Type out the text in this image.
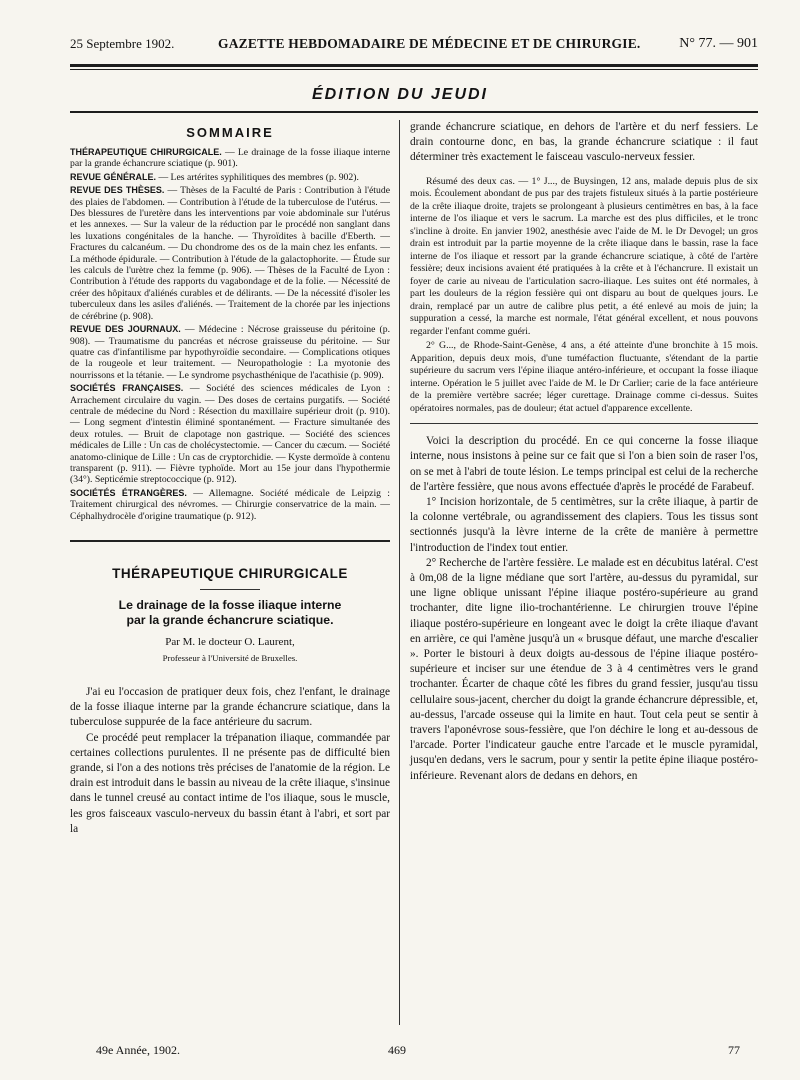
25 Septembre 1902.	GAZETTE HEBDOMADAIRE DE MÉDECINE ET DE CHIRURGIE.	N° 77. — 901
ÉDITION DU JEUDI
SOMMAIRE
THÉRAPEUTIQUE CHIRURGICALE. — Le drainage de la fosse iliaque interne par la grande échancrure sciatique (p. 901).
REVUE GÉNÉRALE. — Les artérites syphilitiques des membres (p. 902).
REVUE DES THÈSES. — Thèses de la Faculté de Paris : Contribution à l'étude des plaies de l'abdomen. — Contribution à l'étude de la tuberculose de l'utérus. — Des blessures de l'uretère dans les interventions par voie abdominale sur l'utérus et les annexes. — Sur la valeur de la réduction par le procédé non sanglant dans les luxations congénitales de la hanche. — Thyroïdites à bacille d'Eberth. — Fractures du calcanéum. — Du chondrome des os de la main chez les enfants. — La méthode épidurale. — Contribution à l'étude de la galactophorite. — Étude sur les calculs de l'urètre chez la femme (p. 906). — Thèses de la Faculté de Lyon : Contribution à l'étude des rapports du vagabondage et de la folie. — Nécessité de créer des hôpitaux d'aliénés curables et de délirants. — De la nécessité d'isoler les tuberculeux dans les asiles d'aliénés. — Traitement de la chorée par les injections de cérébrine (p. 908).
REVUE DES JOURNAUX. — Médecine : Nécrose graisseuse du péritoine (p. 908). — Traumatisme du pancréas et nécrose graisseuse du péritoine. — Sur quatre cas d'infantilisme par hypothyroïdie secondaire. — Complications otiques de la rougeole et leur traitement. — Neuropathologie : La myotonie des nourrissons et la tétanie. — Le syndrome psychasthénique de l'acathisie (p. 909).
SOCIÉTÉS FRANÇAISES. — Société des sciences médicales de Lyon : Arrachement circulaire du vagin. — Des doses de certains purgatifs. — Société centrale de médecine du Nord : Résection du maxillaire supérieur droit (p. 910). — Long segment d'intestin éliminé spontanément. — Fracture simultanée des deux rotules. — Bruit de clapotage non gastrique. — Société des sciences médicales de Lille : Un cas de cholécystectomie. — Cancer du cæcum. — Société anatomo-clinique de Lille : Un cas de cryptorchidie. — Kyste dermoïde à contenu transparent (p. 911). — Fièvre typhoïde. Mort au 15e jour dans l'hypothermie (34°). Septicémie streptococcique (p. 912).
SOCIÉTÉS ÉTRANGÈRES. — Allemagne. Société médicale de Leipzig : Traitement chirurgical des névromes. — Chirurgie conservatrice de la main. — Céphalhydrocèle d'origine traumatique (p. 912).
THÉRAPEUTIQUE CHIRURGICALE
Le drainage de la fosse iliaque interne
par la grande échancrure sciatique.
Par M. le docteur O. Laurent,
Professeur à l'Université de Bruxelles.

J'ai eu l'occasion de pratiquer deux fois, chez l'enfant, le drainage de la fosse iliaque interne par la grande échancrure sciatique, dans la tuberculose suppurée de la face antérieure du sacrum.

Ce procédé peut remplacer la trépanation iliaque, commandée par certaines collections purulentes. Il ne présente pas de difficulté bien grande, si l'on a des notions très précises de l'anatomie de la région. Le drain est introduit dans le bassin au niveau de la crête iliaque, s'insinue dans le tunnel creusé au contact intime de l'os iliaque, sous le muscle, les gros faisceaux vasculo-nerveux du bassin étant à l'abri, et sort par la

grande échancrure sciatique, en dehors de l'artère et du nerf fessiers. Le drain contourne donc, en bas, la grande échancrure sciatique : il faut déterminer très exactement le faisceau vasculo-nerveux fessier.

Résumé des deux cas. — 1° J..., de Buysingen, 12 ans, malade depuis plus de six mois. Écoulement abondant de pus par des trajets fistuleux situés à la partie postérieure de la crête iliaque droite, trajets se prolongeant à plusieurs centimètres en bas, à la face interne de l'os iliaque et vers le sacrum. La marche est des plus difficiles, et le tronc s'incline à droite. En janvier 1902, anesthésie avec l'aide de M. le Dr Devogel; un gros drain est introduit par la partie moyenne de la crête iliaque dans le bassin, rase la face interne de l'os iliaque et ressort par la grande échancrure sciatique, à côté de l'artère fessière; deux incisions avaient été pratiquées à la crête et à l'échancrure. Il existait un foyer de carie au niveau de l'articulation sacro-iliaque. Les suites ont été normales, à part les douleurs de la région fessière qui ont disparu au bout de quelques jours. Le drain, remplacé par un autre de calibre plus petit, a été enlevé au mois de juin; la suppuration a cessé, la marche est normale, l'état général excellent, et nous pouvons regarder l'enfant comme guéri.

2° G..., de Rhode-Saint-Genèse, 4 ans, a été atteinte d'une bronchite à 15 mois. Apparition, depuis deux mois, d'une tuméfaction fluctuante, s'étendant de la partie supérieure du sacrum vers l'épine iliaque antéro-inférieure, et occupant la fosse iliaque interne. Opération le 5 juillet avec l'aide de M. le Dr Carlier; carie de la face antérieure de la première vertèbre sacrée; léger curettage. Drainage comme ci-dessus. Suites opératoires normales, pas de douleur; état actuel d'apparence excellente.

Voici la description du procédé. En ce qui concerne la fosse iliaque interne, nous insistons à peine sur ce fait que si l'on a bien soin de raser l'os, on se met à l'abri de toute lésion. Le temps principal est celui de la recherche de l'artère fessière, que nous avons effectuée d'après le procédé de Farabeuf.

1° Incision horizontale, de 5 centimètres, sur la crête iliaque, à partir de la colonne vertébrale, ou agrandissement des clapiers. Tous les tissus sont sectionnés jusqu'à la lèvre interne de la crête de manière à permettre l'introduction de l'index tout entier.

2° Recherche de l'artère fessière. Le malade est en décubitus latéral. C'est à 0m,08 de la ligne médiane que sort l'artère, au-dessus du pyramidal, sur une ligne oblique unissant l'épine iliaque postéro-supérieure au grand trochanter, dite ligne ilio-trochantérienne. Le chirurgien trouve l'épine iliaque postéro-supérieure en longeant avec le doigt la crête iliaque d'avant en arrière, ce qui l'amène jusqu'à un « brusque défaut, une marche d'escalier ». Porter le bistouri à deux doigts au-dessous de l'épine iliaque postéro-supérieure et inciser sur une étendue de 3 à 4 centimètres vers le grand trochanter. Écarter de chaque côté les fibres du grand fessier, jusqu'au tissu cellulaire sous-jacent, chercher du doigt la grande échancrure dépressible, et, au-dessus, l'arcade osseuse qui la limite en haut. Tout cela peut se sentir à travers l'aponévrose sous-fessière, que l'on déchire le long et au-dessous de l'arcade. Porter l'indicateur gauche entre l'arcade et le muscle pyramidal, jusqu'en dedans, vers le sacrum, pour y sentir la petite épine iliaque postéro-inférieure. Revenant alors de dedans en dehors, en

49e Année, 1902.	469	77
